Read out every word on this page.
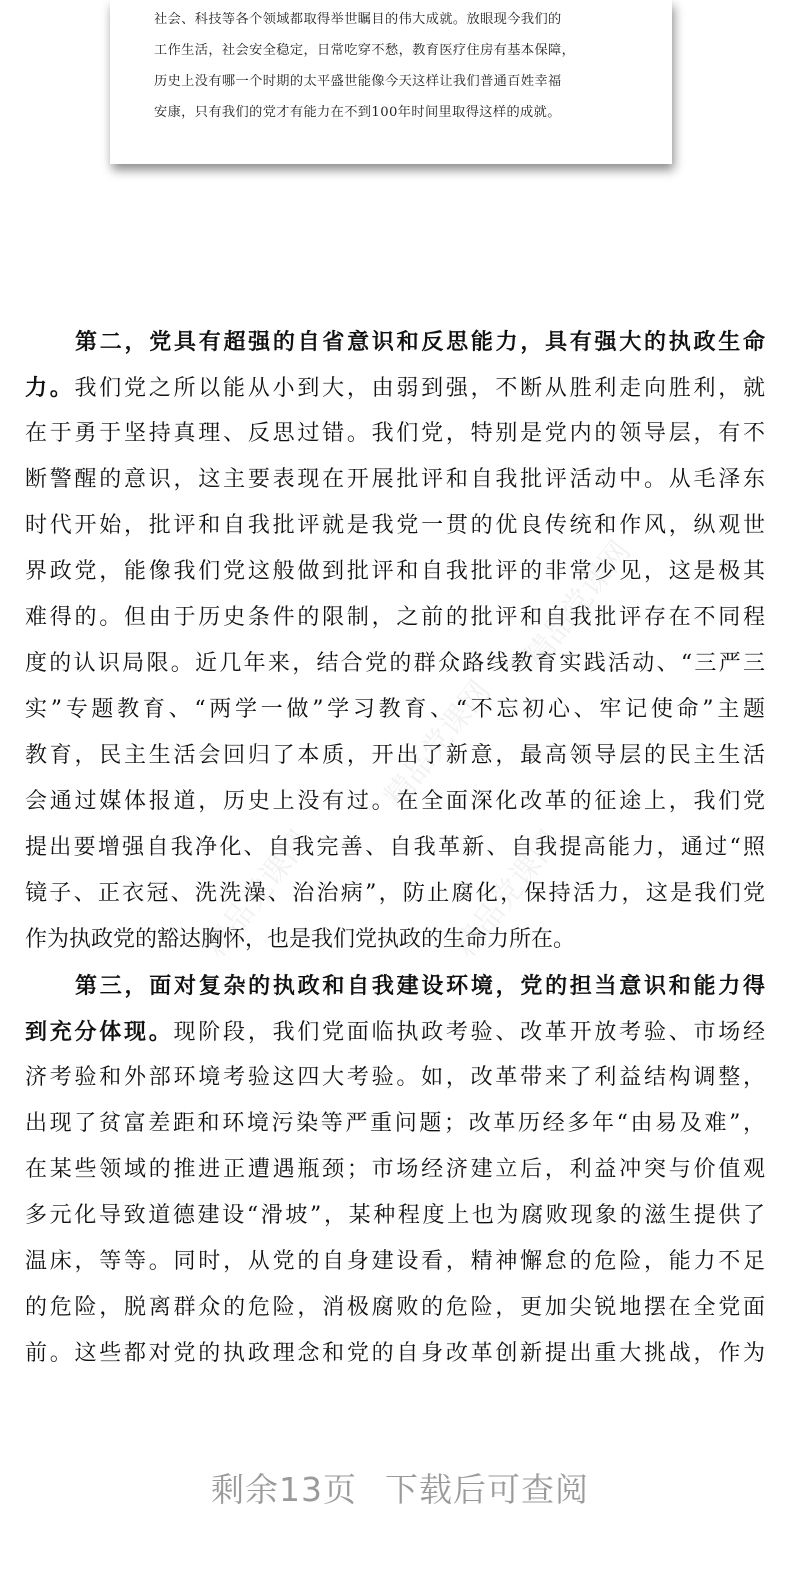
社会、科技等各个领域都取得举世瞩目的伟大成就。放眼现今我们的
工作生活，社会安全稳定，日常吃穿不愁，教育医疗住房有基本保障，
历史上没有哪一个时期的太平盛世能像今天这样让我们普通百姓幸福
安康，只有我们的党才有能力在不到100年时间里取得这样的成就。
精品党课网
精品党课网
精品党课网	精品党课网
第二，党具有超强的自省意识和反思能力，具有强大的执政生命
力。我们党之所以能从小到大，由弱到强，不断从胜利走向胜利，就
在于勇于坚持真理、反思过错。我们党，特别是党内的领导层，有不
断警醒的意识，这主要表现在开展批评和自我批评活动中。从毛泽东
时代开始，批评和自我批评就是我党一贯的优良传统和作风，纵观世
界政党，能像我们党这般做到批评和自我批评的非常少见，这是极其
难得的。但由于历史条件的限制，之前的批评和自我批评存在不同程
度的认识局限。近几年来，结合党的群众路线教育实践活动、“三严三
实”专题教育、“两学一做”学习教育、“不忘初心、牢记使命”主题
教育，民主生活会回归了本质，开出了新意，最高领导层的民主生活
会通过媒体报道，历史上没有过。在全面深化改革的征途上，我们党
提出要增强自我净化、自我完善、自我革新、自我提高能力，通过“照
镜子、正衣冠、洗洗澡、治治病”，防止腐化，保持活力，这是我们党
作为执政党的豁达胸怀，也是我们党执政的生命力所在。
第三，面对复杂的执政和自我建设环境，党的担当意识和能力得
到充分体现。现阶段，我们党面临执政考验、改革开放考验、市场经
济考验和外部环境考验这四大考验。如，改革带来了利益结构调整，
出现了贫富差距和环境污染等严重问题；改革历经多年“由易及难”，
在某些领域的推进正遭遇瓶颈；市场经济建立后，利益冲突与价值观
多元化导致道德建设“滑坡”，某种程度上也为腐败现象的滋生提供了
温床，等等。同时，从党的自身建设看，精神懈怠的危险，能力不足
的危险，脱离群众的危险，消极腐败的危险，更加尖锐地摆在全党面
前。这些都对党的执政理念和党的自身改革创新提出重大挑战，作为
剩余13页 下载后可查阅
